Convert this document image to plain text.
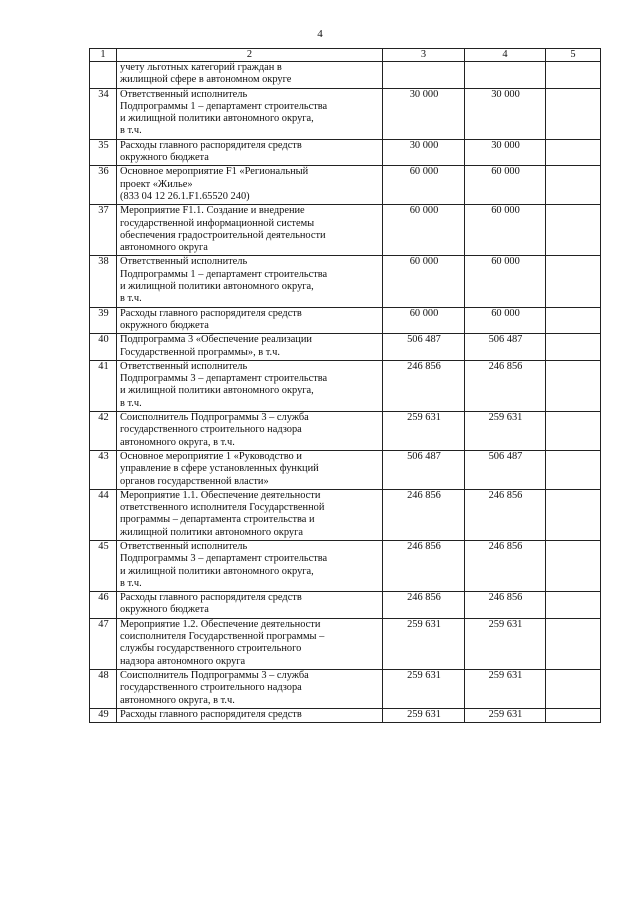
4
1	2	3	4	5

	учету льготных категорий граждан в
жилищной сфере в автономном округе			

34	Ответственный исполнитель
Подпрограммы 1 – департамент строительства
и жилищной политики автономного округа,
в т.ч.	30 000	30 000	
35	Расходы главного распорядителя средств
окружного бюджета	30 000	30 000	
36	Основное мероприятие F1 «Региональный
проект «Жилье»
(833 04 12 26.1.F1.65520 240)	60 000	60 000	
37	Мероприятие F1.1. Создание и внедрение
государственной информационной системы
обеспечения градостроительной деятельности
автономного округа	60 000	60 000	
38	Ответственный исполнитель
Подпрограммы 1 – департамент строительства
и жилищной политики автономного округа,
в т.ч.	60 000	60 000	
39	Расходы главного распорядителя средств
окружного бюджета	60 000	60 000	
40	Подпрограмма 3 «Обеспечение реализации
Государственной программы», в т.ч.	506 487	506 487	
41	Ответственный исполнитель
Подпрограммы 3 – департамент строительства
и жилищной политики автономного округа,
в т.ч.	246 856	246 856	
42	Соисполнитель Подпрограммы 3 – служба
государственного строительного надзора
автономного округа, в т.ч.	259 631	259 631	
43	Основное мероприятие 1 «Руководство и
управление в сфере установленных функций
органов государственной власти»	506 487	506 487	
44	Мероприятие 1.1. Обеспечение деятельности
ответственного исполнителя Государственной
программы – департамента строительства и
жилищной политики автономного округа	246 856	246 856	
45	Ответственный исполнитель
Подпрограммы 3 – департамент строительства
и жилищной политики автономного округа,
в т.ч.	246 856	246 856	
46	Расходы главного распорядителя средств
окружного бюджета	246 856	246 856	
47	Мероприятие 1.2. Обеспечение деятельности
соисполнителя Государственной программы –
службы государственного строительного
надзора автономного округа	259 631	259 631	
48	Соисполнитель Подпрограммы 3 – служба
государственного строительного надзора
автономного округа, в т.ч.	259 631	259 631	
49	Расходы главного распорядителя средств	259 631	259 631	
